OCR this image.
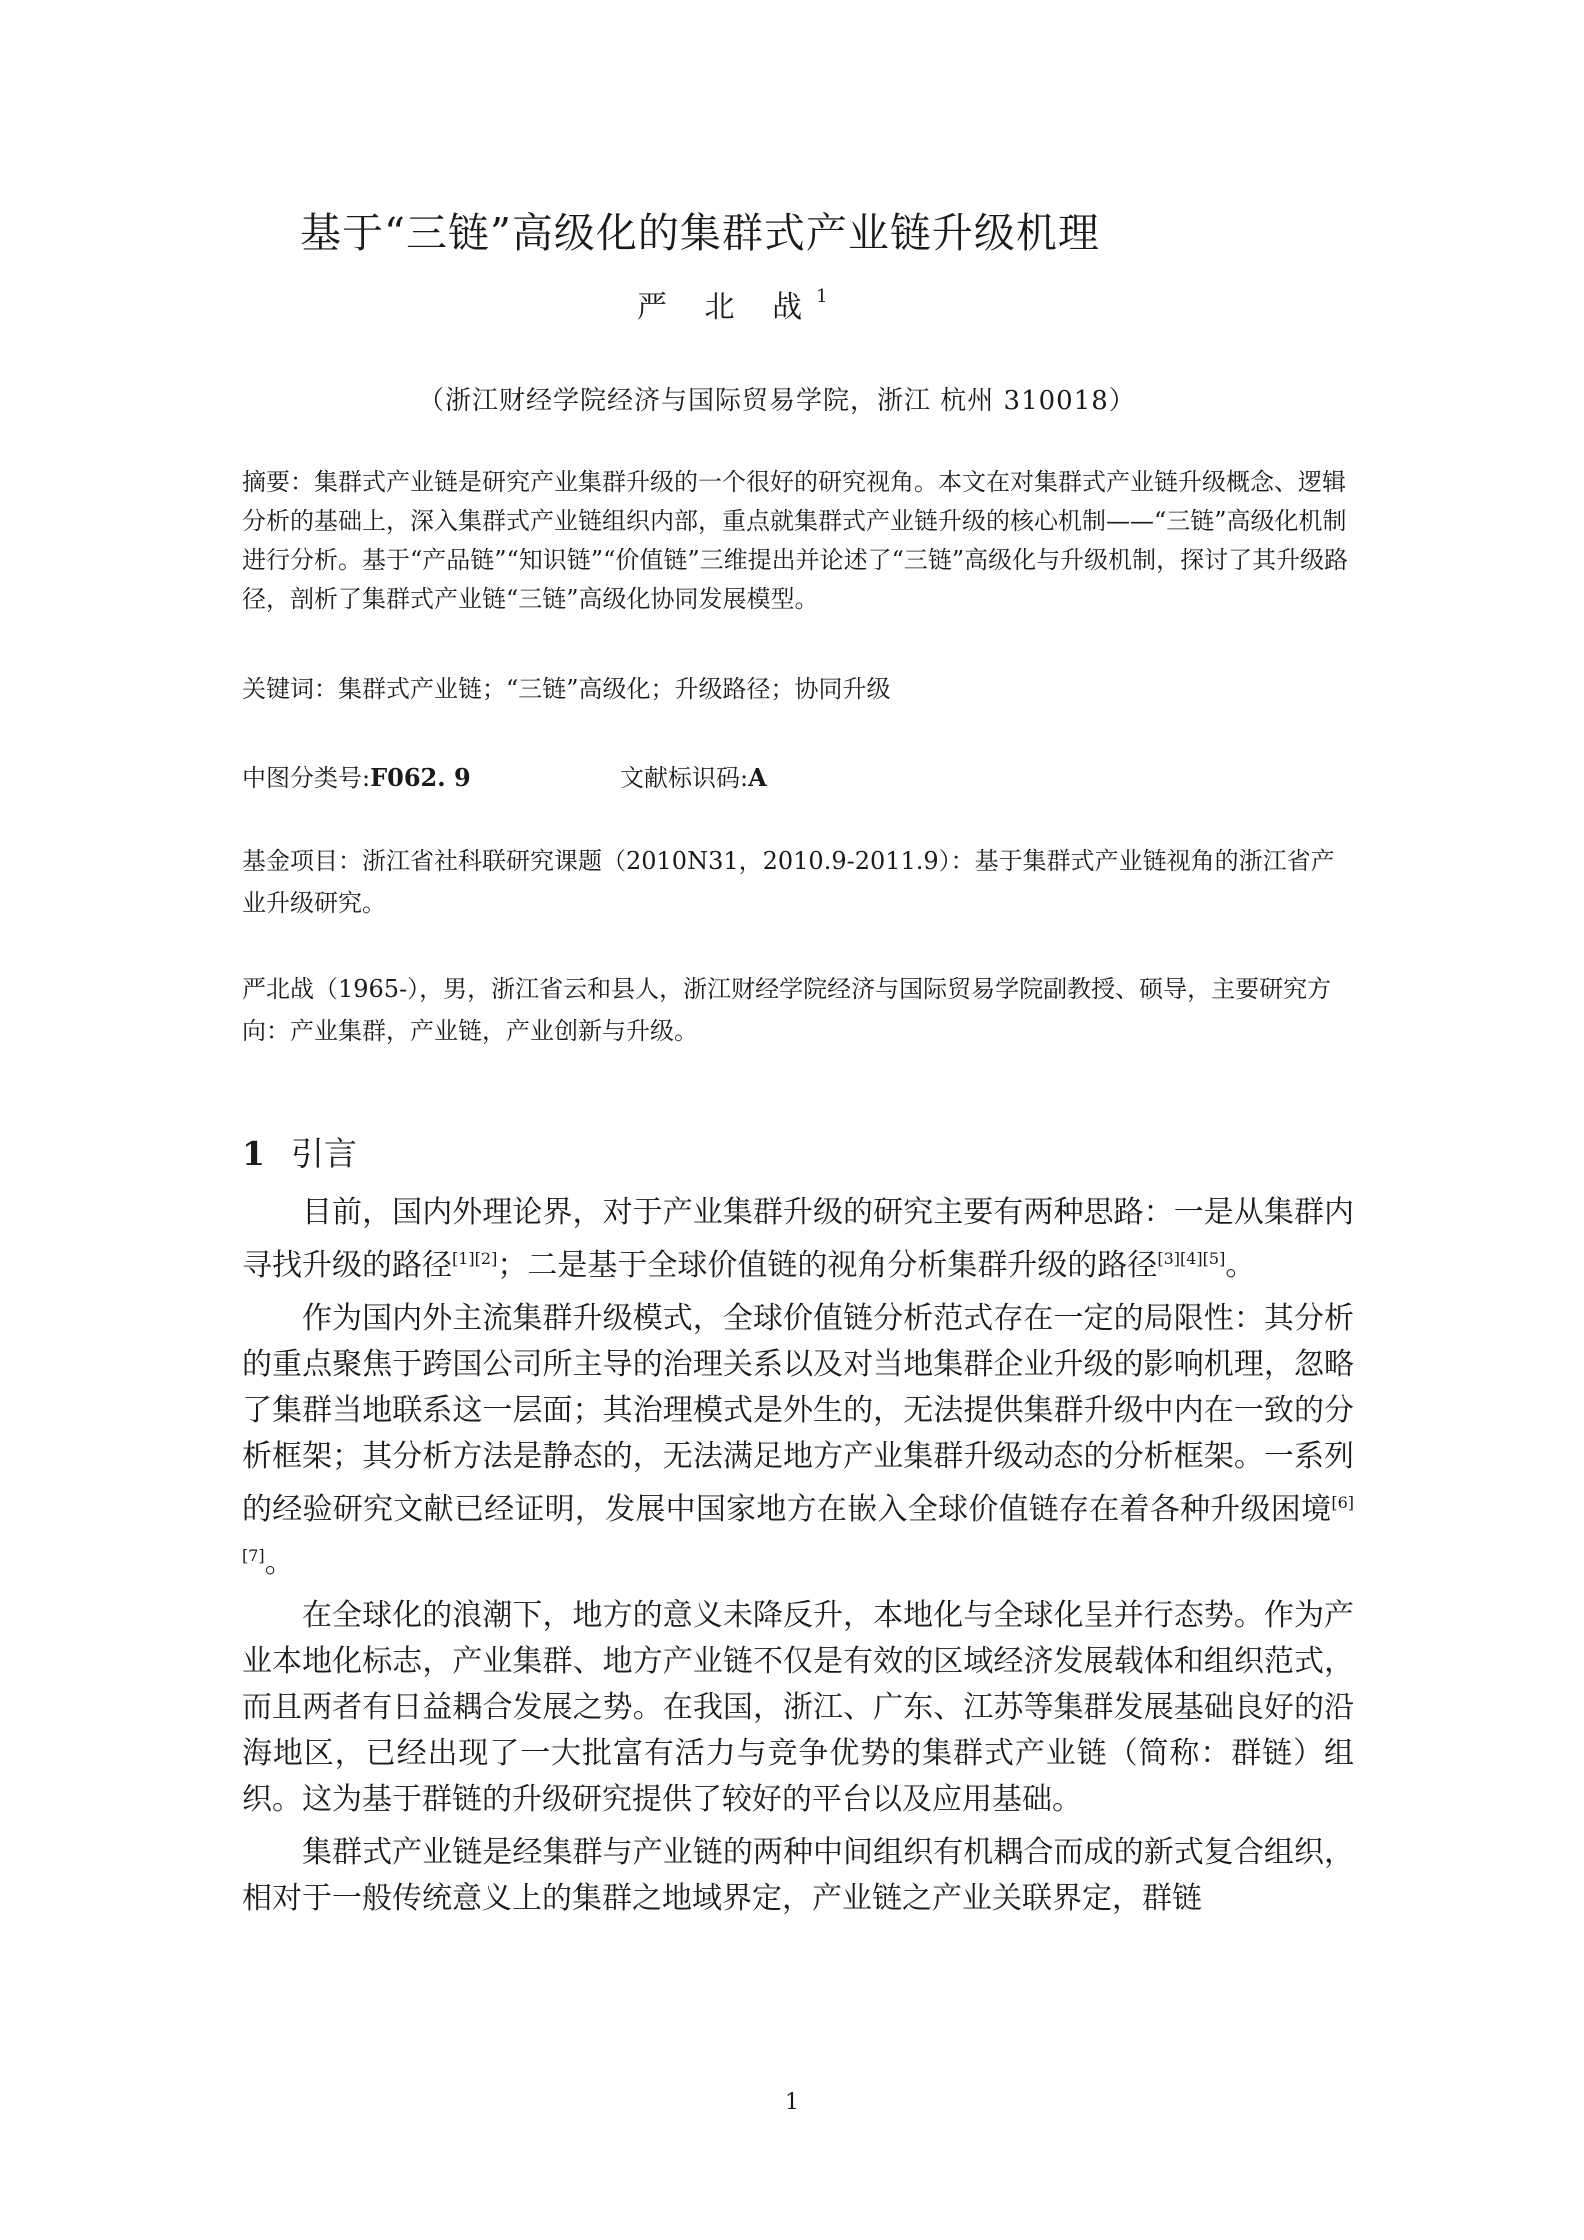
基于“三链”高级化的集群式产业链升级机理
严 北 战$^1$
（浙江财经学院经济与国际贸易学院，浙江 杭州 310018）
摘要：集群式产业链是研究产业集群升级的一个很好的研究视角。本文在对集群式产业链升级概念、逻辑分析的基础上，深入集群式产业链组织内部，重点就集群式产业链升级的核心机制——“三链”高级化机制进行分析。基于“产品链”“知识链”“价值链”三维提出并论述了“三链”高级化与升级机制，探讨了其升级路径，剖析了集群式产业链“三链”高级化协同发展模型。
关键词：集群式产业链；“三链”高级化；升级路径；协同升级
中图分类号:F062. 9	文献标识码:A
基金项目：浙江省社科联研究课题（2010N31，2010.9-2011.9）：基于集群式产业链视角的浙江省产业升级研究。
严北战（1965-），男，浙江省云和县人，浙江财经学院经济与国际贸易学院副教授、硕导，主要研究方向：产业集群，产业链，产业创新与升级。
1 引言

目前，国内外理论界，对于产业集群升级的研究主要有两种思路：一是从集群内寻找升级的路径[1][2]；二是基于全球价值链的视角分析集群升级的路径[3][4][5]。

作为国内外主流集群升级模式，全球价值链分析范式存在一定的局限性：其分析的重点聚焦于跨国公司所主导的治理关系以及对当地集群企业升级的影响机理，忽略了集群当地联系这一层面；其治理模式是外生的，无法提供集群升级中内在一致的分析框架；其分析方法是静态的，无法满足地方产业集群升级动态的分析框架。一系列的经验研究文献已经证明，发展中国家地方在嵌入全球价值链存在着各种升级困境[6][7]。

在全球化的浪潮下，地方的意义未降反升，本地化与全球化呈并行态势。作为产业本地化标志，产业集群、地方产业链不仅是有效的区域经济发展载体和组织范式，而且两者有日益耦合发展之势。在我国，浙江、广东、江苏等集群发展基础良好的沿海地区，已经出现了一大批富有活力与竞争优势的集群式产业链（简称：群链）组织。这为基于群链的升级研究提供了较好的平台以及应用基础。

集群式产业链是经集群与产业链的两种中间组织有机耦合而成的新式复合组织，相对于一般传统意义上的集群之地域界定，产业链之产业关联界定，群链

1
